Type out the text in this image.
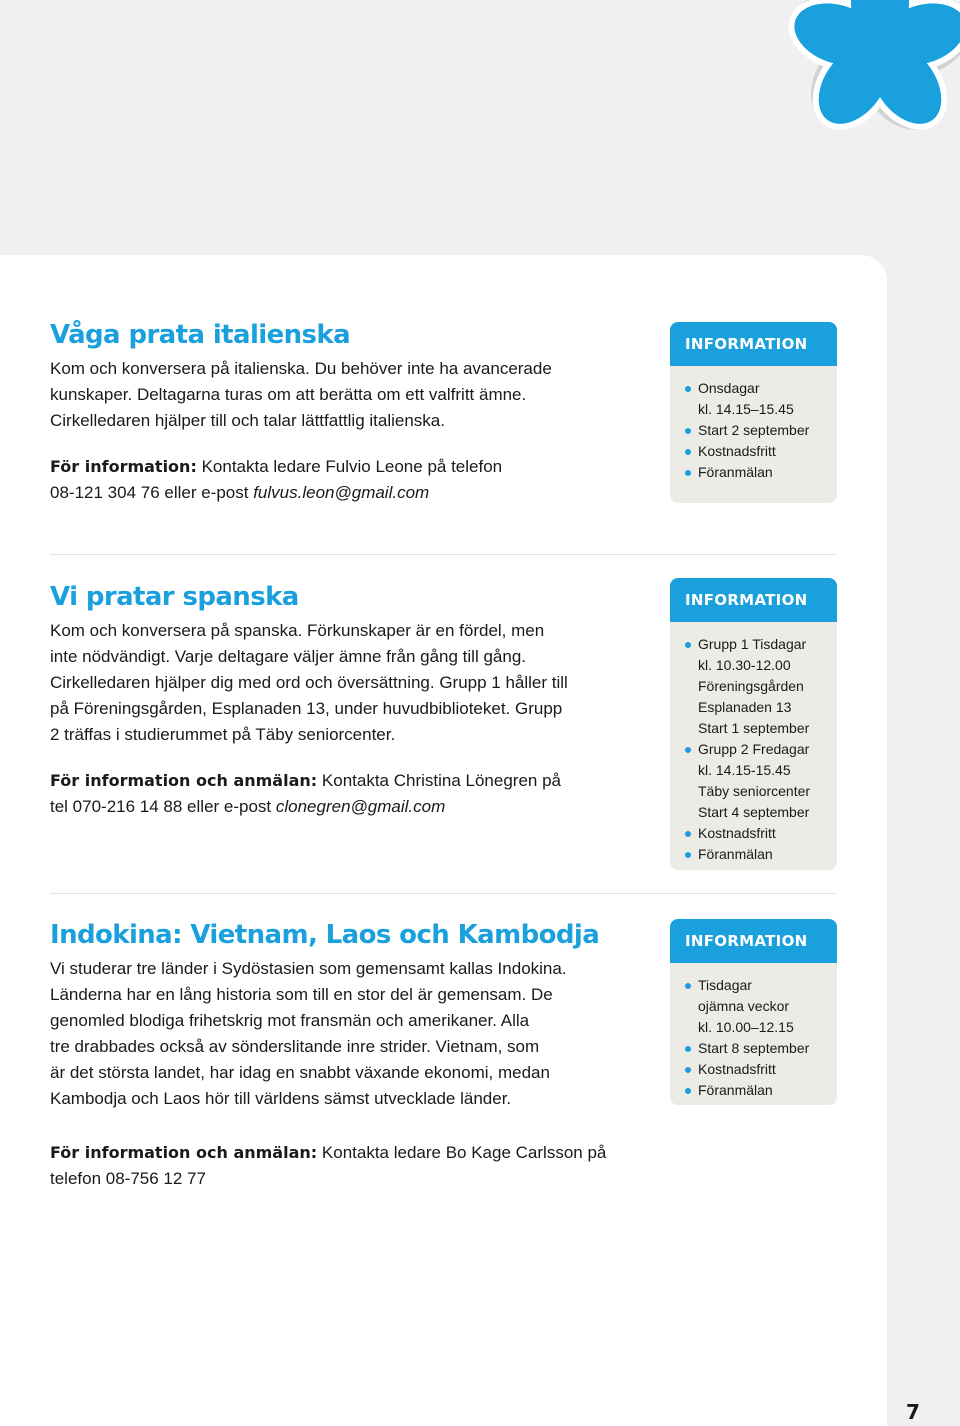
Våga prata italienska
Kom och konversera på italienska. Du behöver inte ha avancerade
kunskaper. Deltagarna turas om att berätta om ett valfritt ämne.
Cirkelledaren hjälper till och talar lättfattlig italienska.
För information: Kontakta ledare Fulvio Leone på telefon
08-121 304 76 eller e-post fulvus.leon@gmail.com
INFORMATION
Onsdagar
kl. 14.15–15.45
Start 2 september
Kostnadsfritt
Föranmälan
Vi pratar spanska
Kom och konversera på spanska. Förkunskaper är en fördel, men
inte nödvändigt. Varje deltagare väljer ämne från gång till gång.
Cirkelledaren hjälper dig med ord och översättning. Grupp 1 håller till
på Föreningsgården, Esplanaden 13, under huvudbiblioteket. Grupp
2 träffas i studierummet på Täby seniorcenter.
För information och anmälan: Kontakta Christina Lönegren på
tel 070-216 14 88 eller e-post clonegren@gmail.com
INFORMATION
Grupp 1 Tisdagar
kl. 10.30-12.00
Föreningsgården
Esplanaden 13
Start 1 september
Grupp 2 Fredagar
kl. 14.15-15.45
Täby seniorcenter
Start 4 september
Kostnadsfritt
Föranmälan
Indokina: Vietnam, Laos och Kambodja
Vi studerar tre länder i Sydöstasien som gemensamt kallas Indokina.
Länderna har en lång historia som till en stor del är gemensam. De
genomled blodiga frihetskrig mot fransmän och amerikaner. Alla
tre drabbades också av sönderslitande inre strider. Vietnam, som
är det största landet, har idag en snabbt växande ekonomi, medan
Kambodja och Laos hör till världens sämst utvecklade länder.
För information och anmälan: Kontakta ledare Bo Kage Carlsson på
telefon 08-756 12 77
INFORMATION
Tisdagar
ojämna veckor
kl. 10.00–12.15
Start 8 september
Kostnadsfritt
Föranmälan
7
